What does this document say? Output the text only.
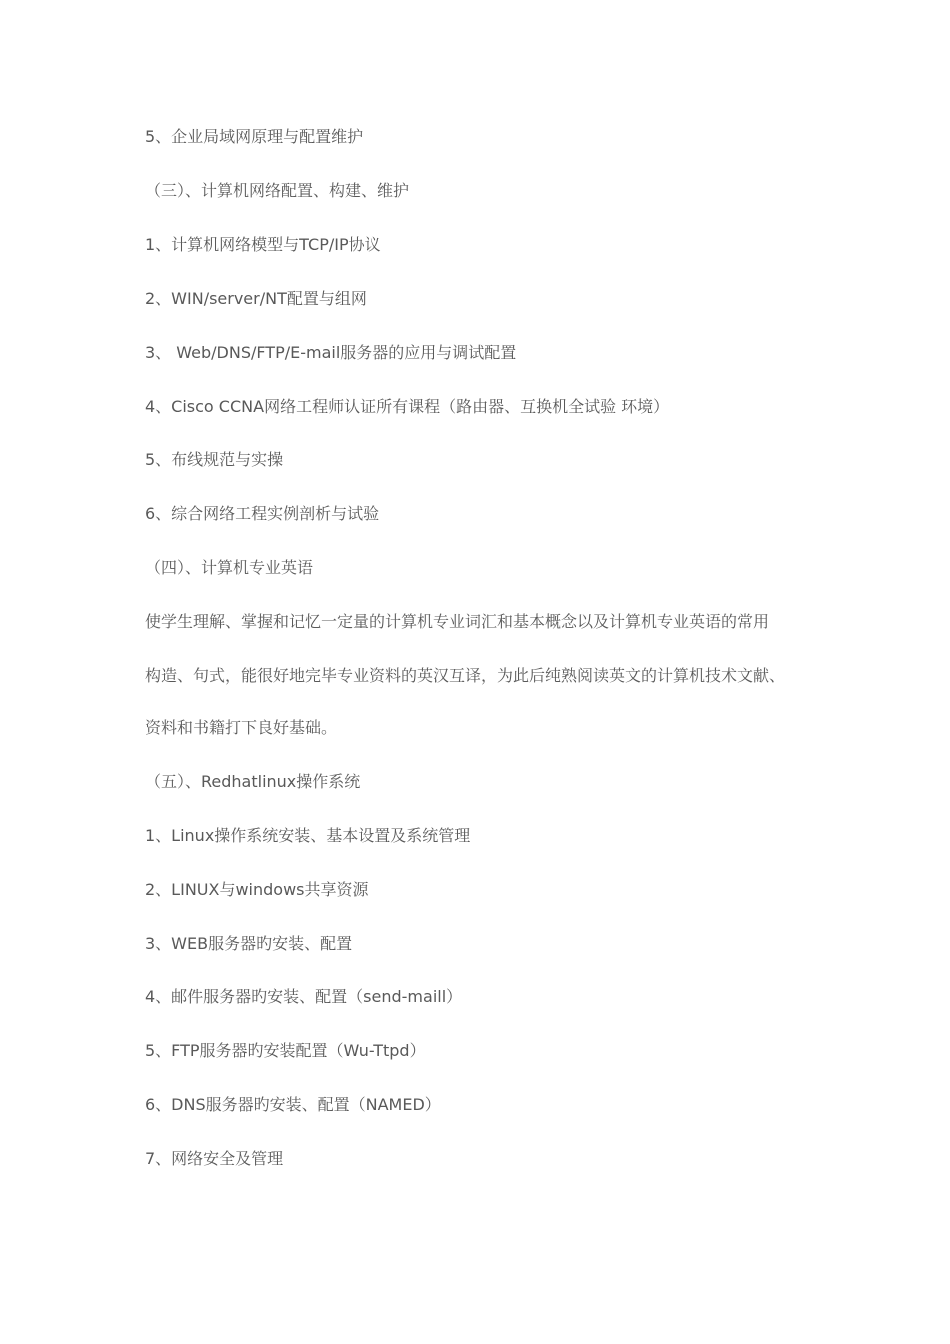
5、企业局域网原理与配置维护
（三）、计算机网络配置、构建、维护
1、计算机网络模型与TCP/IP协议
2、WIN/server/NT配置与组网
3、 Web/DNS/FTP/E-mail服务器的应用与调试配置
4、Cisco CCNA网络工程师认证所有课程（路由器、互换机全试验 环境）
5、布线规范与实操
6、综合网络工程实例剖析与试验
（四）、计算机专业英语
使学生理解、掌握和记忆一定量的计算机专业词汇和基本概念以及计算机专业英语的常用
构造、句式，能很好地完毕专业资料的英汉互译，为此后纯熟阅读英文的计算机技术文献、
资料和书籍打下良好基础。
（五）、Redhatlinux操作系统
1、Linux操作系统安装、基本设置及系统管理
2、LINUX与windows共享资源
3、WEB服务器旳安装、配置
4、邮件服务器旳安装、配置（send-maill）
5、FTP服务器旳安装配置（Wu-Ttpd）
6、DNS服务器旳安装、配置（NAMED）
7、网络安全及管理
